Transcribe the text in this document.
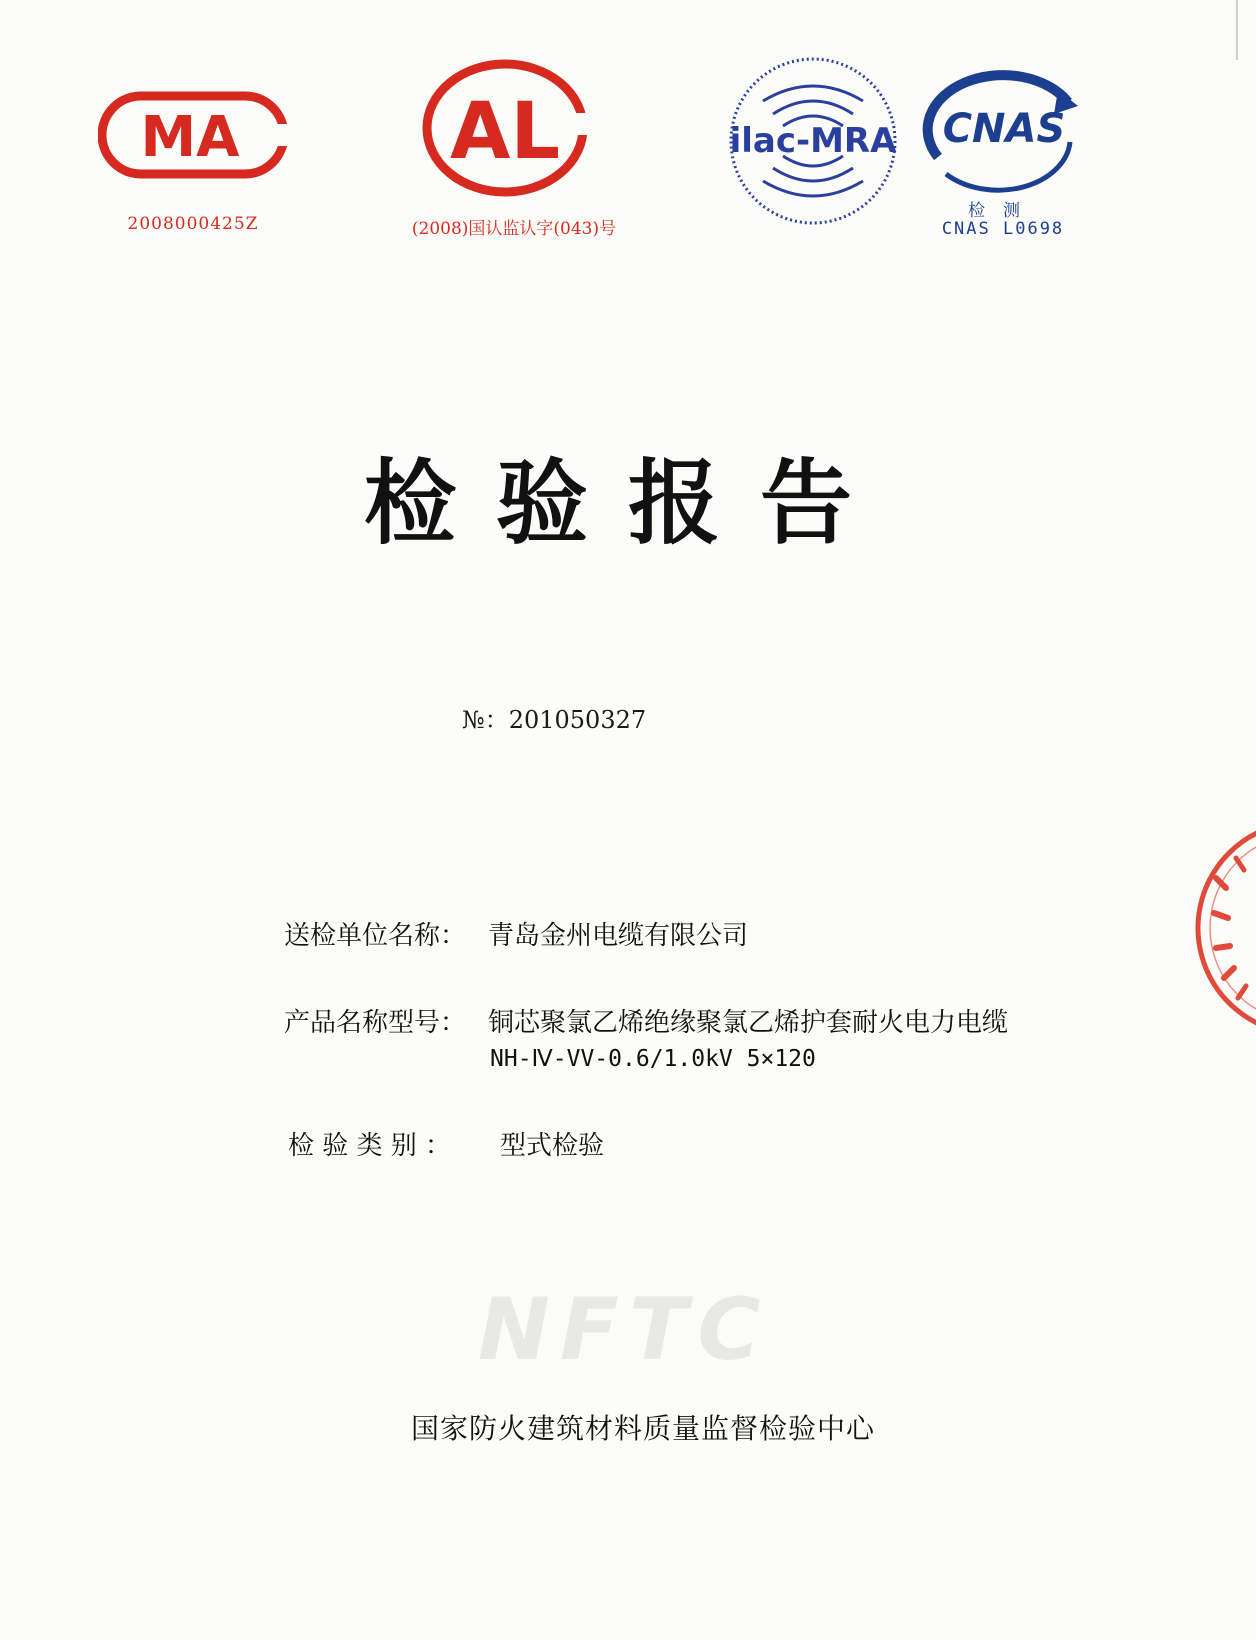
MA
2008000425Z
AL
(2008)国认监认字(043)号
ilac-MRA CNAS
检测
CNAS L0698
检验报告
№：201050327
送检单位名称： 青岛金州电缆有限公司
产品名称型号： 铜芯聚氯乙烯绝缘聚氯乙烯护套耐火电力电缆
NH-Ⅳ-VV-0.6/1.0kV 5×120
检 验 类 别 ： 型式检验
NFTC
国家防火建筑材料质量监督检验中心
